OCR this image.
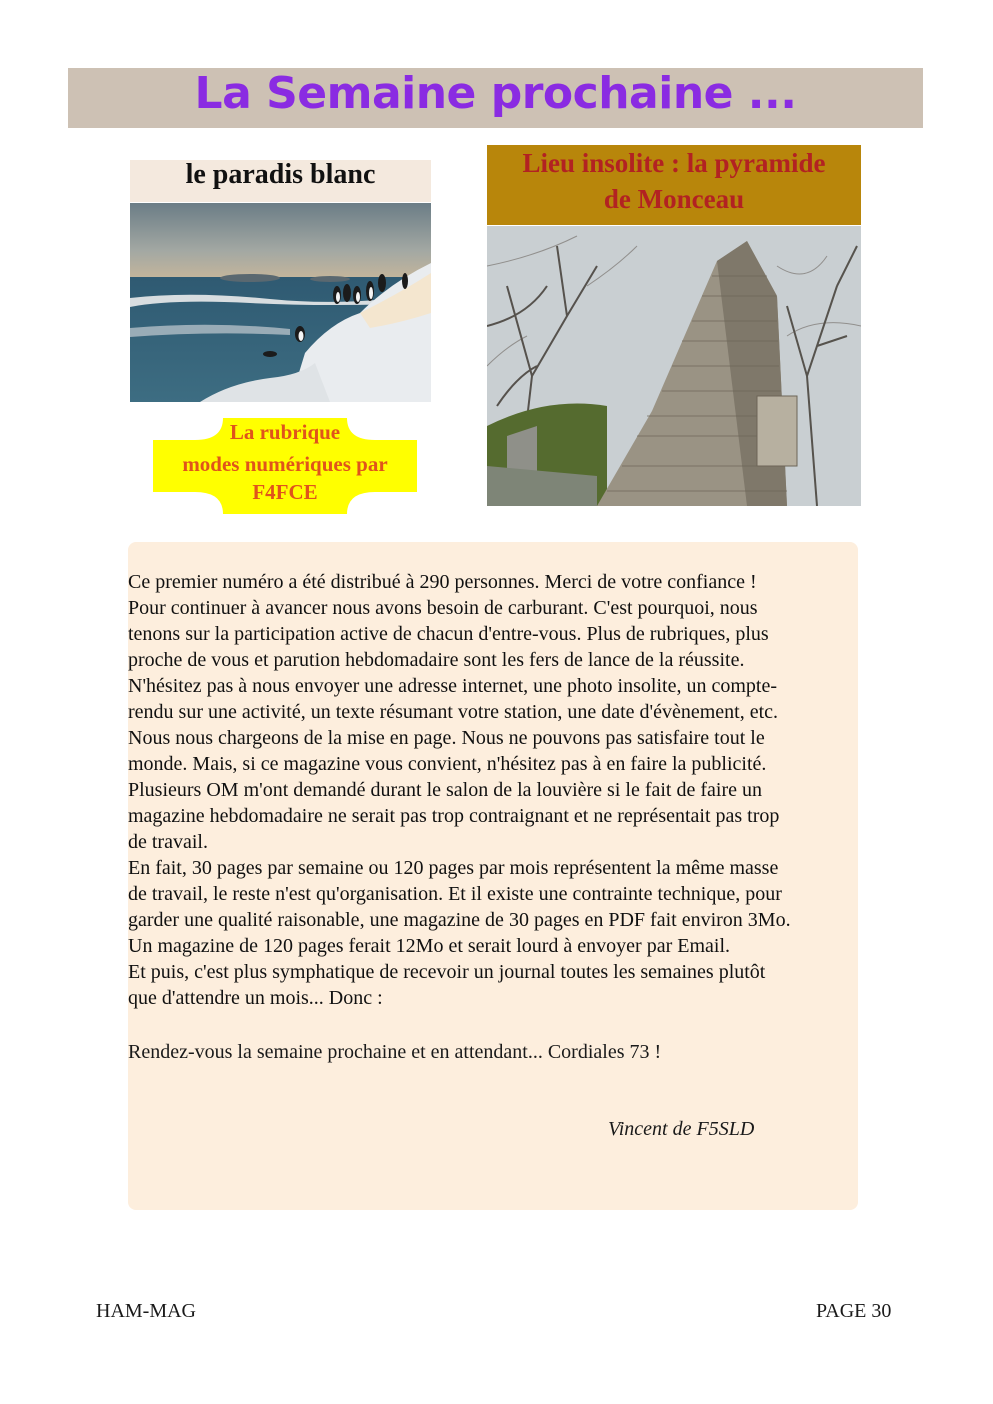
La Semaine prochaine ...
le paradis blanc
La rubrique
modes numériques par
F4FCE
Lieu insolite : la pyramide
de Monceau

Ce premier numéro a été distribué à 290 personnes. Merci de votre confiance !

Pour continuer à avancer nous avons besoin de carburant. C'est pourquoi, nous

tenons sur la participation active de chacun d'entre-vous. Plus de rubriques, plus

proche de vous et parution hebdomadaire sont les fers de lance de la réussite.

N'hésitez pas à nous envoyer une adresse internet, une photo insolite, un compte-

rendu sur une activité, un texte résumant votre station, une date d'évènement, etc.

Nous nous chargeons de la mise en page. Nous ne pouvons pas satisfaire tout le

monde. Mais, si ce magazine vous convient, n'hésitez pas à en faire la publicité.

Plusieurs OM m'ont demandé durant le salon de la louvière si le fait de faire un

magazine hebdomadaire ne serait pas trop contraignant et ne représentait pas trop

de travail.

En fait, 30 pages par semaine ou 120 pages par mois représentent la même masse

de travail, le reste n'est qu'organisation. Et il existe une contrainte technique, pour

garder une qualité raisonable, une magazine de 30 pages en PDF fait environ 3Mo.

Un magazine de 120 pages ferait 12Mo et serait lourd à envoyer par Email.

Et puis, c'est plus symphatique de recevoir un journal toutes les semaines plutôt

que d'attendre un mois... Donc :

Rendez-vous la semaine prochaine et en attendant... Cordiales 73 !
Vincent de F5SLD
HAM-MAG	PAGE 30
